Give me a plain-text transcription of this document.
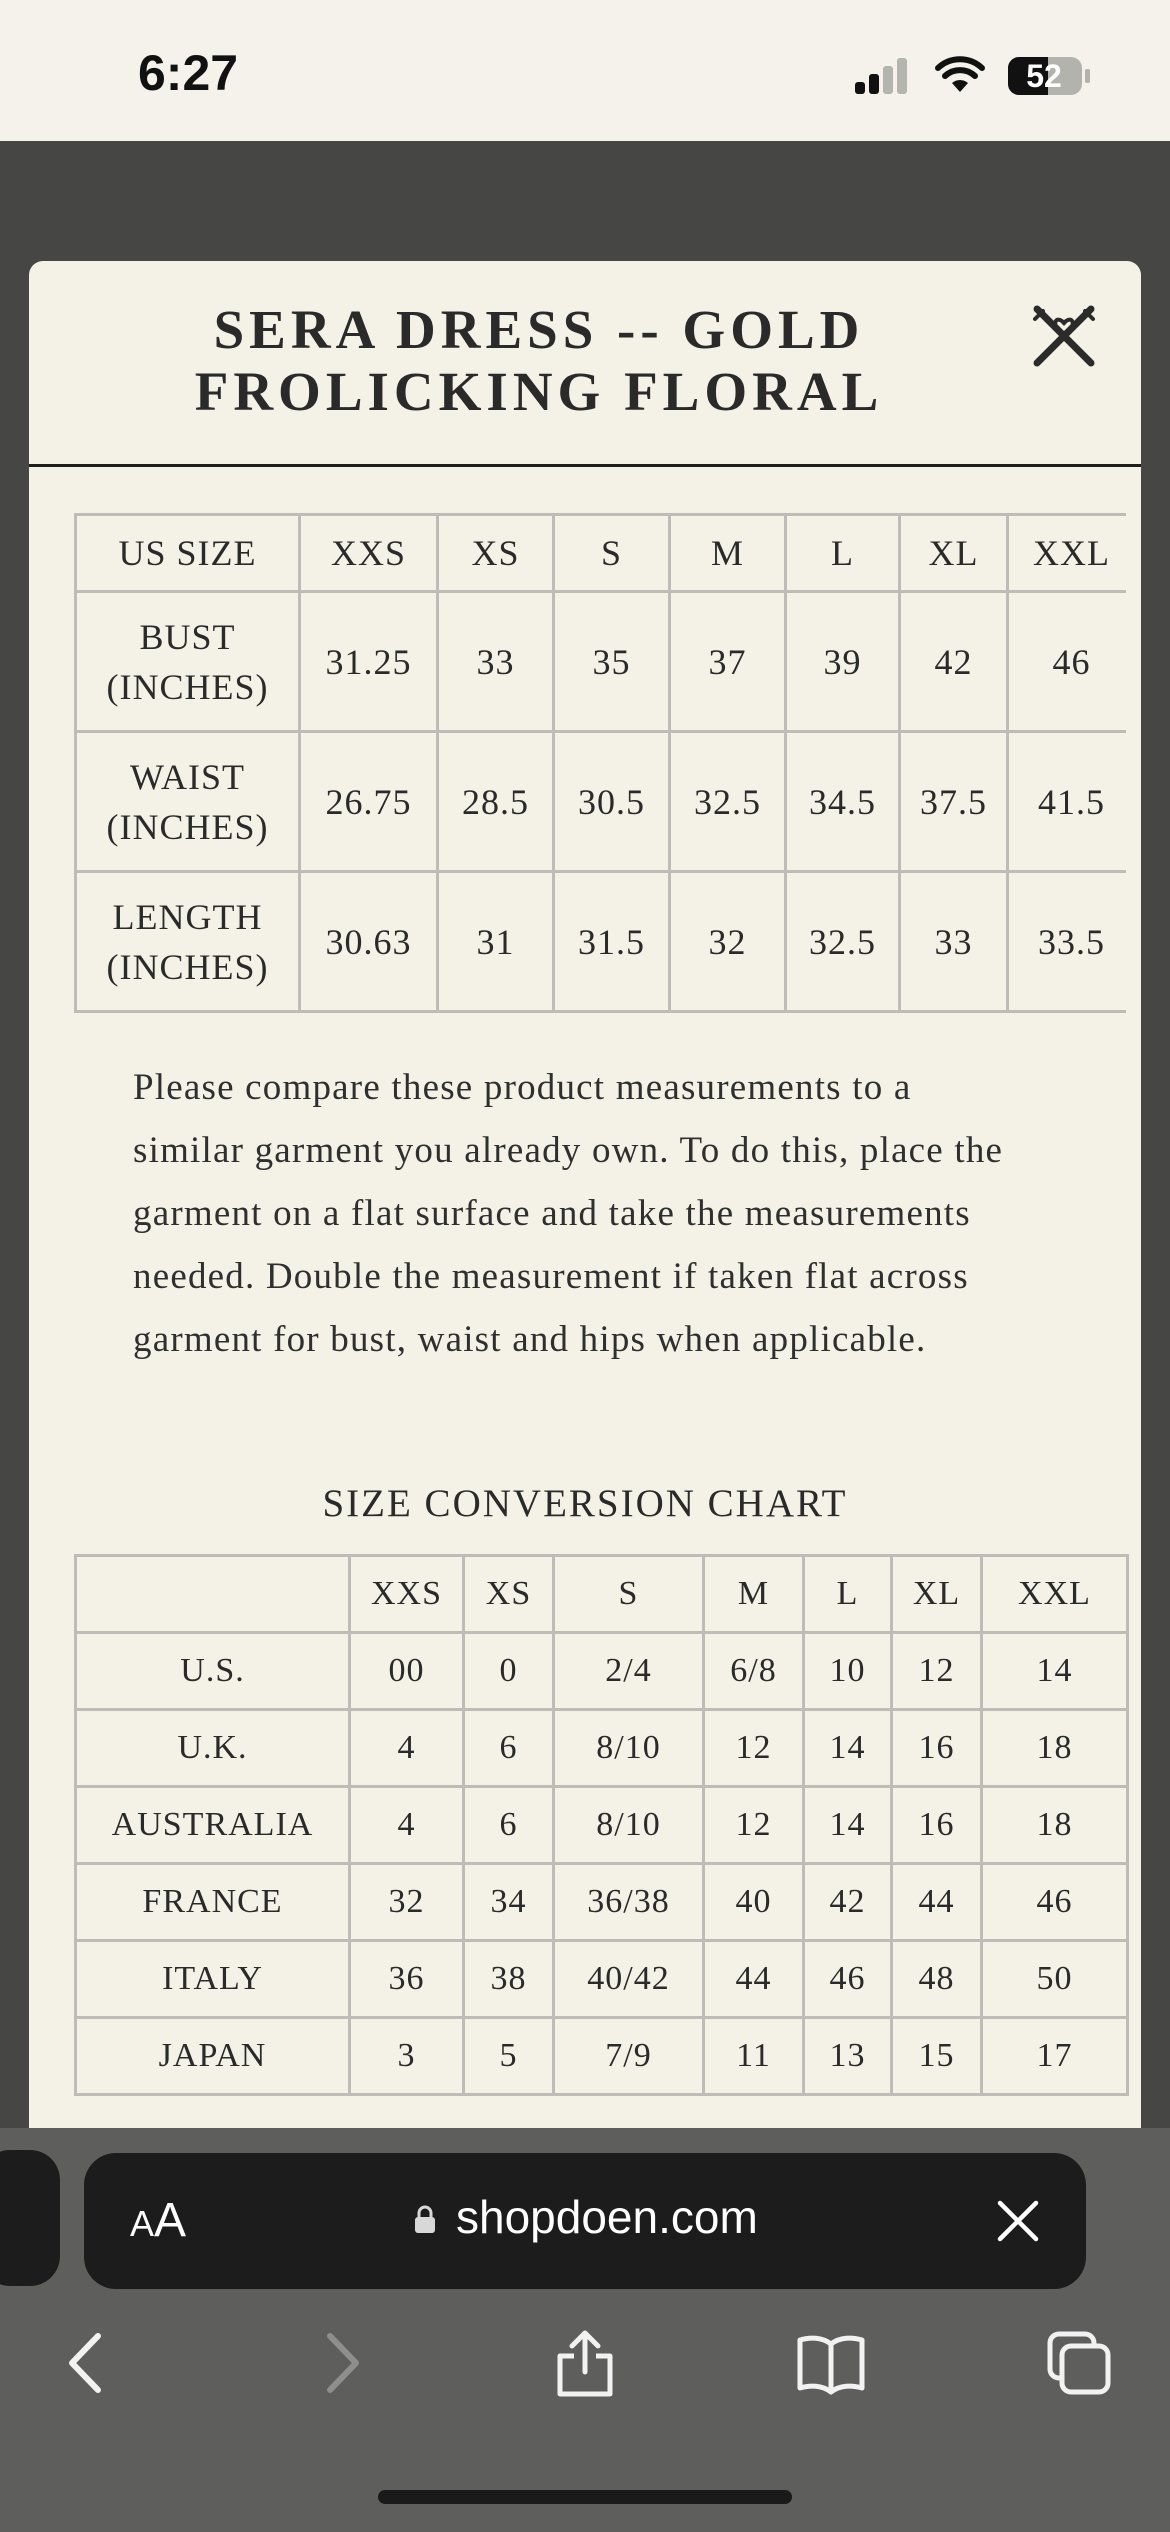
6:27	52
SERA DRESS -- GOLD FROLICKING FLORAL
US SIZE	XXS	XS	S	M	L	XL	XXL
BUST
(INCHES)	31.25	33	35	37	39	42	46
WAIST
(INCHES)	26.75	28.5	30.5	32.5	34.5	37.5	41.5
LENGTH
(INCHES)	30.63	31	31.5	32	32.5	33	33.5
Please compare these product measurements to a similar garment you already own. To do this, place the garment on a flat surface and take the measurements needed. Double the measurement if taken flat across garment for bust, waist and hips when applicable.
SIZE CONVERSION CHART
	XXS	XS	S	M	L	XL	XXL
U.S.	00	0	2/4	6/8	10	12	14
U.K.	4	6	8/10	12	14	16	18
AUSTRALIA	4	6	8/10	12	14	16	18
FRANCE	32	34	36/38	40	42	44	46
ITALY	36	38	40/42	44	46	48	50
JAPAN	3	5	7/9	11	13	15	17
AA	shopdoen.com
